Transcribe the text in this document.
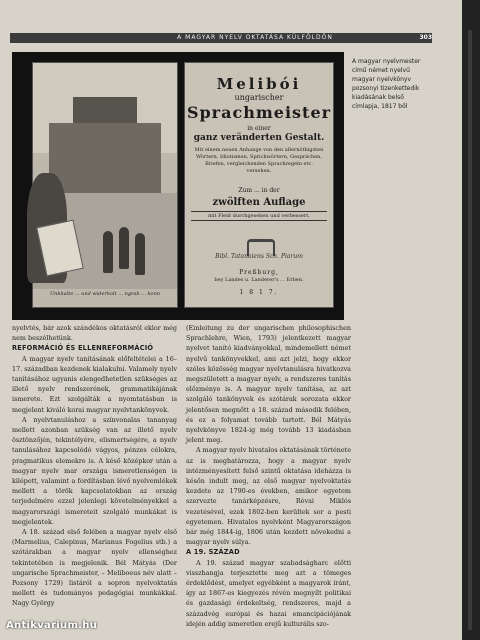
A MAGYAR NYELV OKTATÁSA KÜLFÖLDÖN	303
Unkhalte ... und widerholt ... ngrab ... konn
Melibói
ungarischer
Sprachmeister
in einer
ganz veränderten Gestalt.
Mit einem neuen Anhange von den allernöthigsten Wörtern, Idiotismen, Sprichwörtern, Gesprächen, Briefen, vergleichenden Sprachregeln etc. versehen.
Zum ... in der
zwölften Auflage
mit Fleiß durchgesehen und verbessert.
Bibl. Tatanaiens Sch. Piarum
Preßburg,
bey Landes u. Landerer's ... Erben.
1 8 1 7.
A magyar nyelvmester című német nyelvű magyar nyelvkönyv pozsonyi tizenkettedik kiadásának belső címlapja, 1817 ből

nyelvtés, bár azok szándékos oktatásról eklor még nem beszélhetünk.

REFORMÁCIÓ ÉS ELLENREFORMÁCIÓ

A magyar nyelv tanításának előfeltételei a 16–17. században kezdenek kialakulni. Valamely nyelv tanításához ugyanis elengedhetetlen szükséges az illető nyelv rendszerének, grammatikájának ismerete. Ezt szolgálták a nyomtatásban is megjelent kiváló korai magyar nyelvtankönyvek.

A nyelvtanuláshoz a színvonalas tananyag mellett azonban szükség van az illető nyelv ösztönzőjén, tekintélyére, elismertségére, a nyelv tanulásához kapcsolódó vágyos, pénzes célokra, pragmatikus elemekre is. A késő középkor után a magyar nyelv mar országa ismeretlenségen is kilépett, valamint a fordításban lévő nyelvemlékek mellett a török kapcsolatokban az ország terjedelmére ezzel jelenlegi követelményekkel a magyarországi ismereteit szolgáló munkákat is megjelentek.

A 18. század első felében a magyar nyelv első (Marmelius, Calepinus, Marianus Fogelius stb.) a szótárakban a magyar nyelv ellenséghez tekintetében is megjelenik. Bél Mátyás (Der ungarische Sprachmeister, – Meliboeus név alatt – Pozsony 1729) listáról a sopron nyelvoktatás mellett és tudományos pedagógiai munkákkal. Nagy György

(Einleitung zu der ungarischen philosophischen Sprachlehre, Wien, 1793) jelentkezett magyar nyelvet tanító kiadványokkal, mindemellett német nyelvű tankönyvekkel, ami azt jelzi, hogy ekkor széles közösség magyar nyelvtanulásra hivatkozva megszületett a magyar nyelv, a rendszeres tanítás előzménye is. A magyar nyelv tanítása, az azt szolgáló tankönyvek és szótárak sorozata ekkor jelentősen megnőtt a 18. század második felében, és ez a folyamat tovább tartott. Bél Mátyás nyelvkönyve 1824-ig még tovább 13 kiadásban jelent meg.

A magyar nyelv hivatalos oktatásának története az is meghatározza, hogy a magyar nyelv intézményesített felső szintű oktatása ideházza is későn indult meg, az első magyar nyelvoktatás kezdete az 1790-es években, amikor egyetem szervezte tanárképzésre, Révai Miklós vezetésével, ezek 1802-ben kerültek sor a pesti egyetemen. Hivatalos nyelvként Magyarországon bár még 1844-ig, 1806 után kezdett növekedni a magyar nyelv súlya.

A 19. SZÁZAD

A 19. század magyar szabadságharc előtti visszhangja terjesztette meg azt a tömeges érdeklődést, amelyet egyébként a magyarok iránt, így az 1867-es kiegyezés révén megnyílt politikai és gazdasági érdekeltség, rendszeres, majd a századvég európai és hazai emancipációjának idején addig ismeretlen erejű kulturális szo-

Antikvarium.hu
